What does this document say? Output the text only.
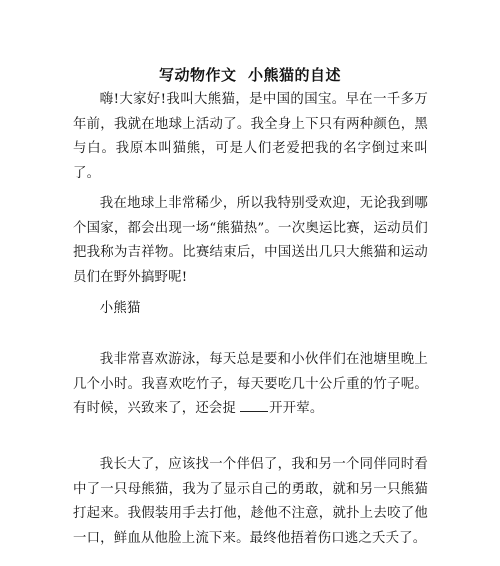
写动物作文  小熊猫的自述
嗨!大家好!我叫大熊猫，是中国的国宝。早在一千多万年前，我就在地球上活动了。我全身上下只有两种颜色，黑与白。我原本叫猫熊，可是人们老爱把我的名字倒过来叫了。
我在地球上非常稀少，所以我特别受欢迎，无论我到哪个国家，都会出现一场“熊猫热”。一次奥运比赛，运动员们把我称为吉祥物。比赛结束后，中国送出几只大熊猫和运动员们在野外搞野呢!
小熊猫
我非常喜欢游泳，每天总是要和小伙伴们在池塘里晚上几个小时。我喜欢吃竹子，每天要吃几十公斤重的竹子呢。有时候，兴致来了，还会捉 开开荤。
我长大了，应该找一个伴侣了，我和另一个同伴同时看中了一只母熊猫，我为了显示自己的勇敢，就和另一只熊猫打起来。我假装用手去打他，趁他不注意，就扑上去咬了他一口，鲜血从他脸上流下来。最终他捂着伤口逃之夭夭了。
